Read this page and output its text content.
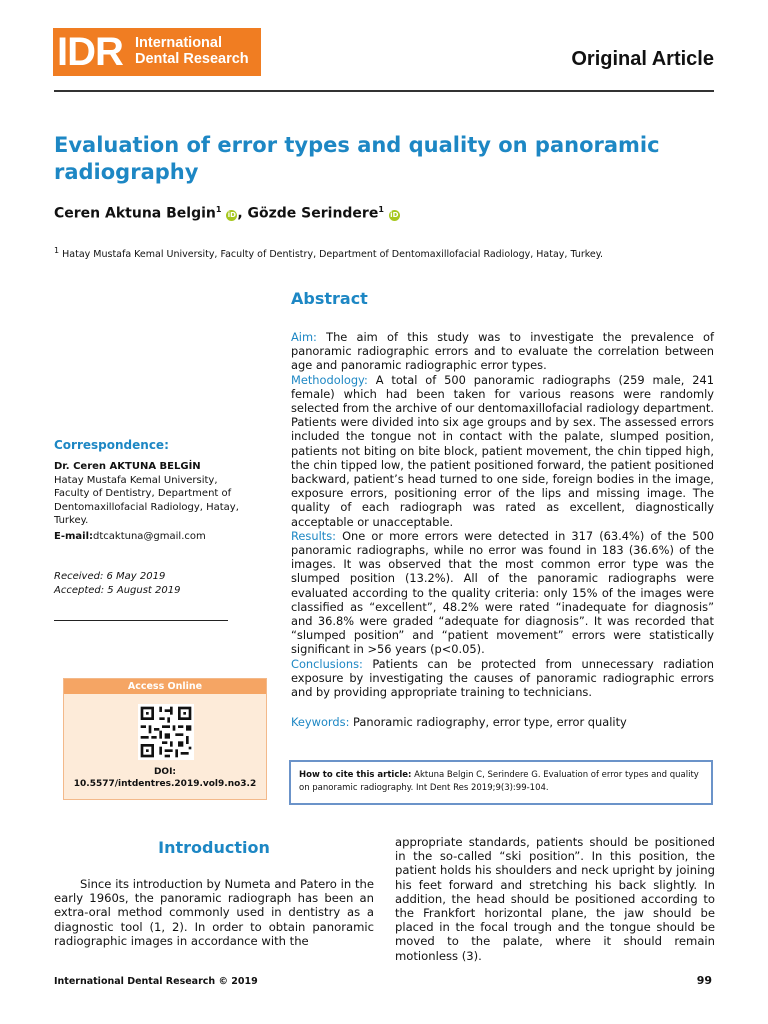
IDR International
Dental Research	Original Article
Evaluation of error types and quality on panoramic radiography
Ceren Aktuna Belgin$^1$ iD, Gözde Serindere$^1$ iD
$^1$ Hatay Mustafa Kemal University, Faculty of Dentistry, Department of Dentomaxillofacial Radiology, Hatay, Turkey.
Abstract

Aim: The aim of this study was to investigate the prevalence of panoramic radiographic errors and to evaluate the correlation between age and panoramic radiographic error types.

Methodology: A total of 500 panoramic radiographs (259 male, 241 female) which had been taken for various reasons were randomly selected from the archive of our dentomaxillofacial radiology department. Patients were divided into six age groups and by sex. The assessed errors included the tongue not in contact with the palate, slumped position, patients not biting on bite block, patient movement, the chin tipped high, the chin tipped low, the patient positioned forward, the patient positioned backward, patient’s head turned to one side, foreign bodies in the image, exposure errors, positioning error of the lips and missing image. The quality of each radiograph was rated as excellent, diagnostically acceptable or unacceptable.

Results: One or more errors were detected in 317 (63.4%) of the 500 panoramic radiographs, while no error was found in 183 (36.6%) of the images. It was observed that the most common error type was the slumped position (13.2%). All of the panoramic radiographs were evaluated according to the quality criteria: only 15% of the images were classified as “excellent”, 48.2% were rated “inadequate for diagnosis” and 36.8% were graded “adequate for diagnosis”. It was recorded that “slumped position” and “patient movement” errors were statistically significant in >56 years (p<0.05).

Conclusions: Patients can be protected from unnecessary radiation exposure by investigating the causes of panoramic radiographic errors and by providing appropriate training to technicians.

Keywords: Panoramic radiography, error type, error quality
Correspondence:
Dr. Ceren AKTUNA BELGİN
Hatay Mustafa Kemal University, Faculty of Dentistry, Department of Dentomaxillofacial Radiology, Hatay, Turkey.
E-mail:dtcaktuna@gmail.com
Received: 6 May 2019
Accepted: 5 August 2019
Access Online
DOI:
10.5577/intdentres.2019.vol9.no3.2
How to cite this article: Aktuna Belgin C, Serindere G. Evaluation of error types and quality on panoramic radiography. Int Dent Res 2019;9(3):99-104.
Introduction
Since its introduction by Numeta and Patero in the early 1960s, the panoramic radiograph has been an extra-oral method commonly used in dentistry as a diagnostic tool (1, 2). In order to obtain panoramic radiographic images in accordance with the
appropriate standards, patients should be positioned in the so-called “ski position”. In this position, the patient holds his shoulders and neck upright by joining his feet forward and stretching his back slightly. In addition, the head should be positioned according to the Frankfort horizontal plane, the jaw should be placed in the focal trough and the tongue should be moved to the palate, where it should remain motionless (3).
International Dental Research © 2019	99
